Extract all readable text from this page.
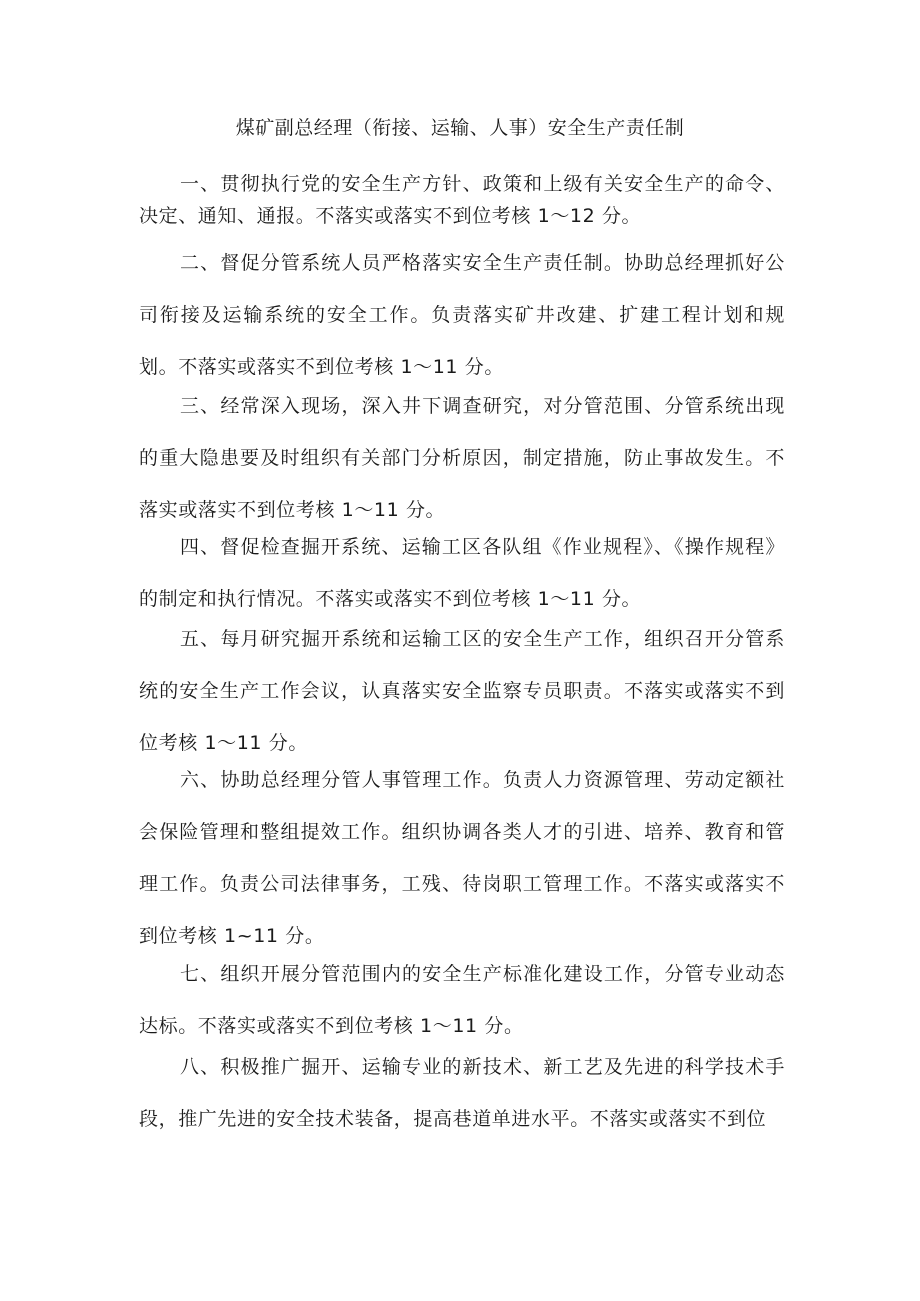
煤矿副总经理（衔接、运输、人事）安全生产责任制

一、贯彻执行党的安全生产方针、政策和上级有关安全生产的命令、决定、通知、通报。不落实或落实不到位考核 1～12 分。

二、督促分管系统人员严格落实安全生产责任制。协助总经理抓好公司衔接及运输系统的安全工作。负责落实矿井改建、扩建工程计划和规划。不落实或落实不到位考核 1～11 分。

三、经常深入现场，深入井下调查研究，对分管范围、分管系统出现的重大隐患要及时组织有关部门分析原因，制定措施，防止事故发生。不落实或落实不到位考核 1～11 分。

四、督促检查掘开系统、运输工区各队组《作业规程》、《操作规程》的制定和执行情况。不落实或落实不到位考核 1～11 分。

五、每月研究掘开系统和运输工区的安全生产工作，组织召开分管系统的安全生产工作会议，认真落实安全监察专员职责。不落实或落实不到位考核 1～11 分。

六、协助总经理分管人事管理工作。负责人力资源管理、劳动定额社会保险管理和整组提效工作。组织协调各类人才的引进、培养、教育和管理工作。负责公司法律事务，工残、待岗职工管理工作。不落实或落实不到位考核 1~11 分。

七、组织开展分管范围内的安全生产标准化建设工作，分管专业动态达标。不落实或落实不到位考核 1～11 分。

八、积极推广掘开、运输专业的新技术、新工艺及先进的科学技术手段，推广先进的安全技术装备，提高巷道单进水平。不落实或落实不到位
